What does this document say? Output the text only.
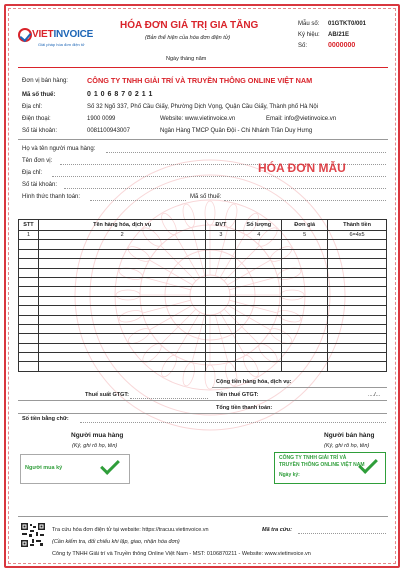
VIETINVOICE
Giải pháp hóa đơn điện tử
HÓA ĐƠN GIÁ TRỊ GIA TĂNG
(Bản thể hiện của hóa đơn điện tử)
Ngày tháng năm
Mẫu số: 01GTKT0/001
Ký hiệu: AB/21E
Số:	0000000
Đơn vị bán hàng:	CÔNG TY TNHH GIẢI TRÍ VÀ TRUYỀN THÔNG ONLINE VIỆT NAM
Mã số thuế:	0 1 0 6 8 7 0 2 1 1
Địa chỉ:	Số 32 Ngõ 337, Phố Cầu Giấy, Phường Dịch Vọng, Quận Cầu Giấy, Thành phố Hà Nội
Điện thoại:	1900 0099	Website: www.vietinvoice.vn	Email: info@vietinvoice.vn
Số tài khoản:	0081100943007	Ngân Hàng TMCP Quân Đội - Chi Nhánh Trần Duy Hưng
Họ và tên người mua hàng:
Tên đơn vị:
Địa chỉ:
Số tài khoản:
Hình thức thanh toán:	Mã số thuế:
HÓA ĐƠN MẪU
STT	Tên hàng hóa, dịch vụ	ĐVT	Số lượng	Đơn giá	Thành tiền
1	2	3	4	5	6=4x5

Cộng tiền hàng hóa, dịch vụ:
Thuế suất GTGT:	Tiền thuế GTGT:	..../...
Tổng tiền thanh toán:
Số tiền bằng chữ:
Người mua hàng
(Ký, ghi rõ họ, tên)
Người mua ký
Người bán hàng
(Ký, ghi rõ họ, tên)
CÔNG TY TNHH GIẢI TRÍ VÀ
TRUYỀN THÔNG ONLINE VIỆT NAM
Ngày ký:
Tra cứu hóa đơn điện tử tại website: https://tracuu.vietinvoice.vn	Mã tra cứu:
(Cần kiểm tra, đối chiếu khi lập, giao, nhận hóa đơn)
Công ty TNHH Giải trí và Truyền thông Online Việt Nam - MST: 0106870211 - Website: www.vietinvoice.vn
